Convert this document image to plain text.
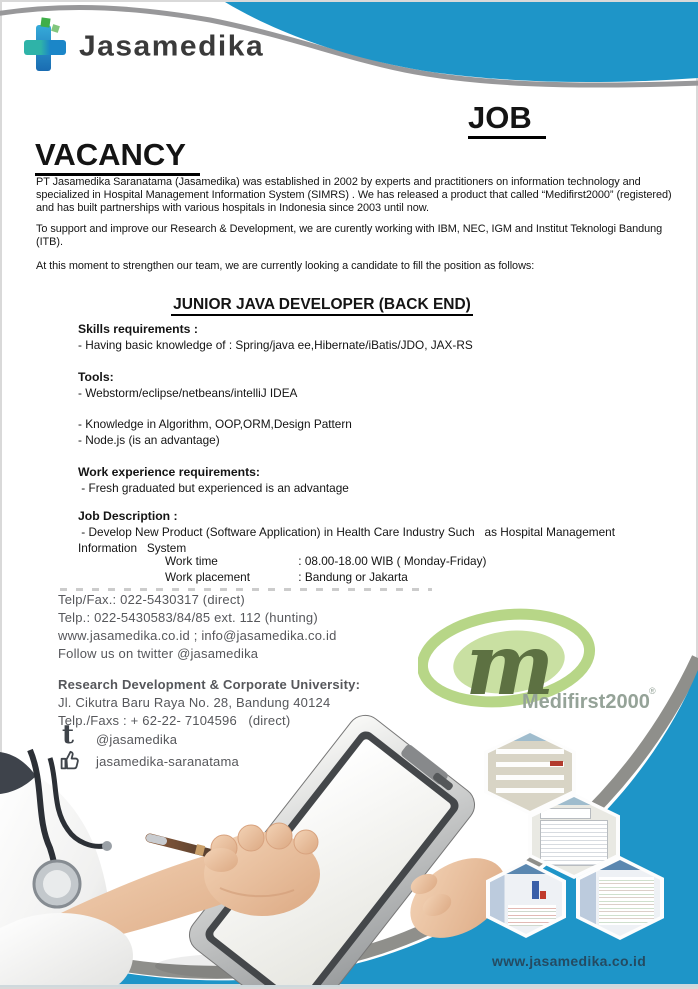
Jasamedika
JOB
VACANCY
PT Jasamedika Saranatama (Jasamedika) was established in 2002 by experts and practitioners on information technology and specialized in Hospital Management Information System (SIMRS) . We has released a product that called “Medifirst2000” (registered) and has built partnerships with various hospitals in Indonesia since 2003 until now.
To support and improve our Research & Development, we are curently working with IBM, NEC, IGM and Institut Teknologi Bandung (ITB).
At this moment to strengthen our team, we are currently looking a candidate to fill the position as follows:
JUNIOR JAVA DEVELOPER (BACK END)
Skills requirements :
- Having basic knowledge of : Spring/java ee,Hibernate/iBatis/JDO, JAX-RS
Tools:
- Webstorm/eclipse/netbeans/intelliJ IDEA
- Knowledge in Algorithm, OOP,ORM,Design Pattern
- Node.js (is an advantage)
Work experience requirements:
- Fresh graduated but experienced is an advantage
Job Description :
- Develop New Product (Software Application) in Health Care Industry Such   as Hospital Management
Information   System
Work time	: 08.00-18.00 WIB ( Monday-Friday)
Work placement	: Bandung or Jakarta
Telp/Fax.: 022-5430317 (direct)
Telp.: 022-5430583/84/85 ext. 112 (hunting)
www.jasamedika.co.id ; info@jasamedika.co.id
Follow us on twitter @jasamedika
Research Development & Corporate University:
Jl. Cikutra Baru Raya No. 28, Bandung 40124
Telp./Faxs : + 62-22- 7104596   (direct)
t @jasamedika
jasamedika-saranatama
m
Medifirst2000 ®
www.jasamedika.co.id
